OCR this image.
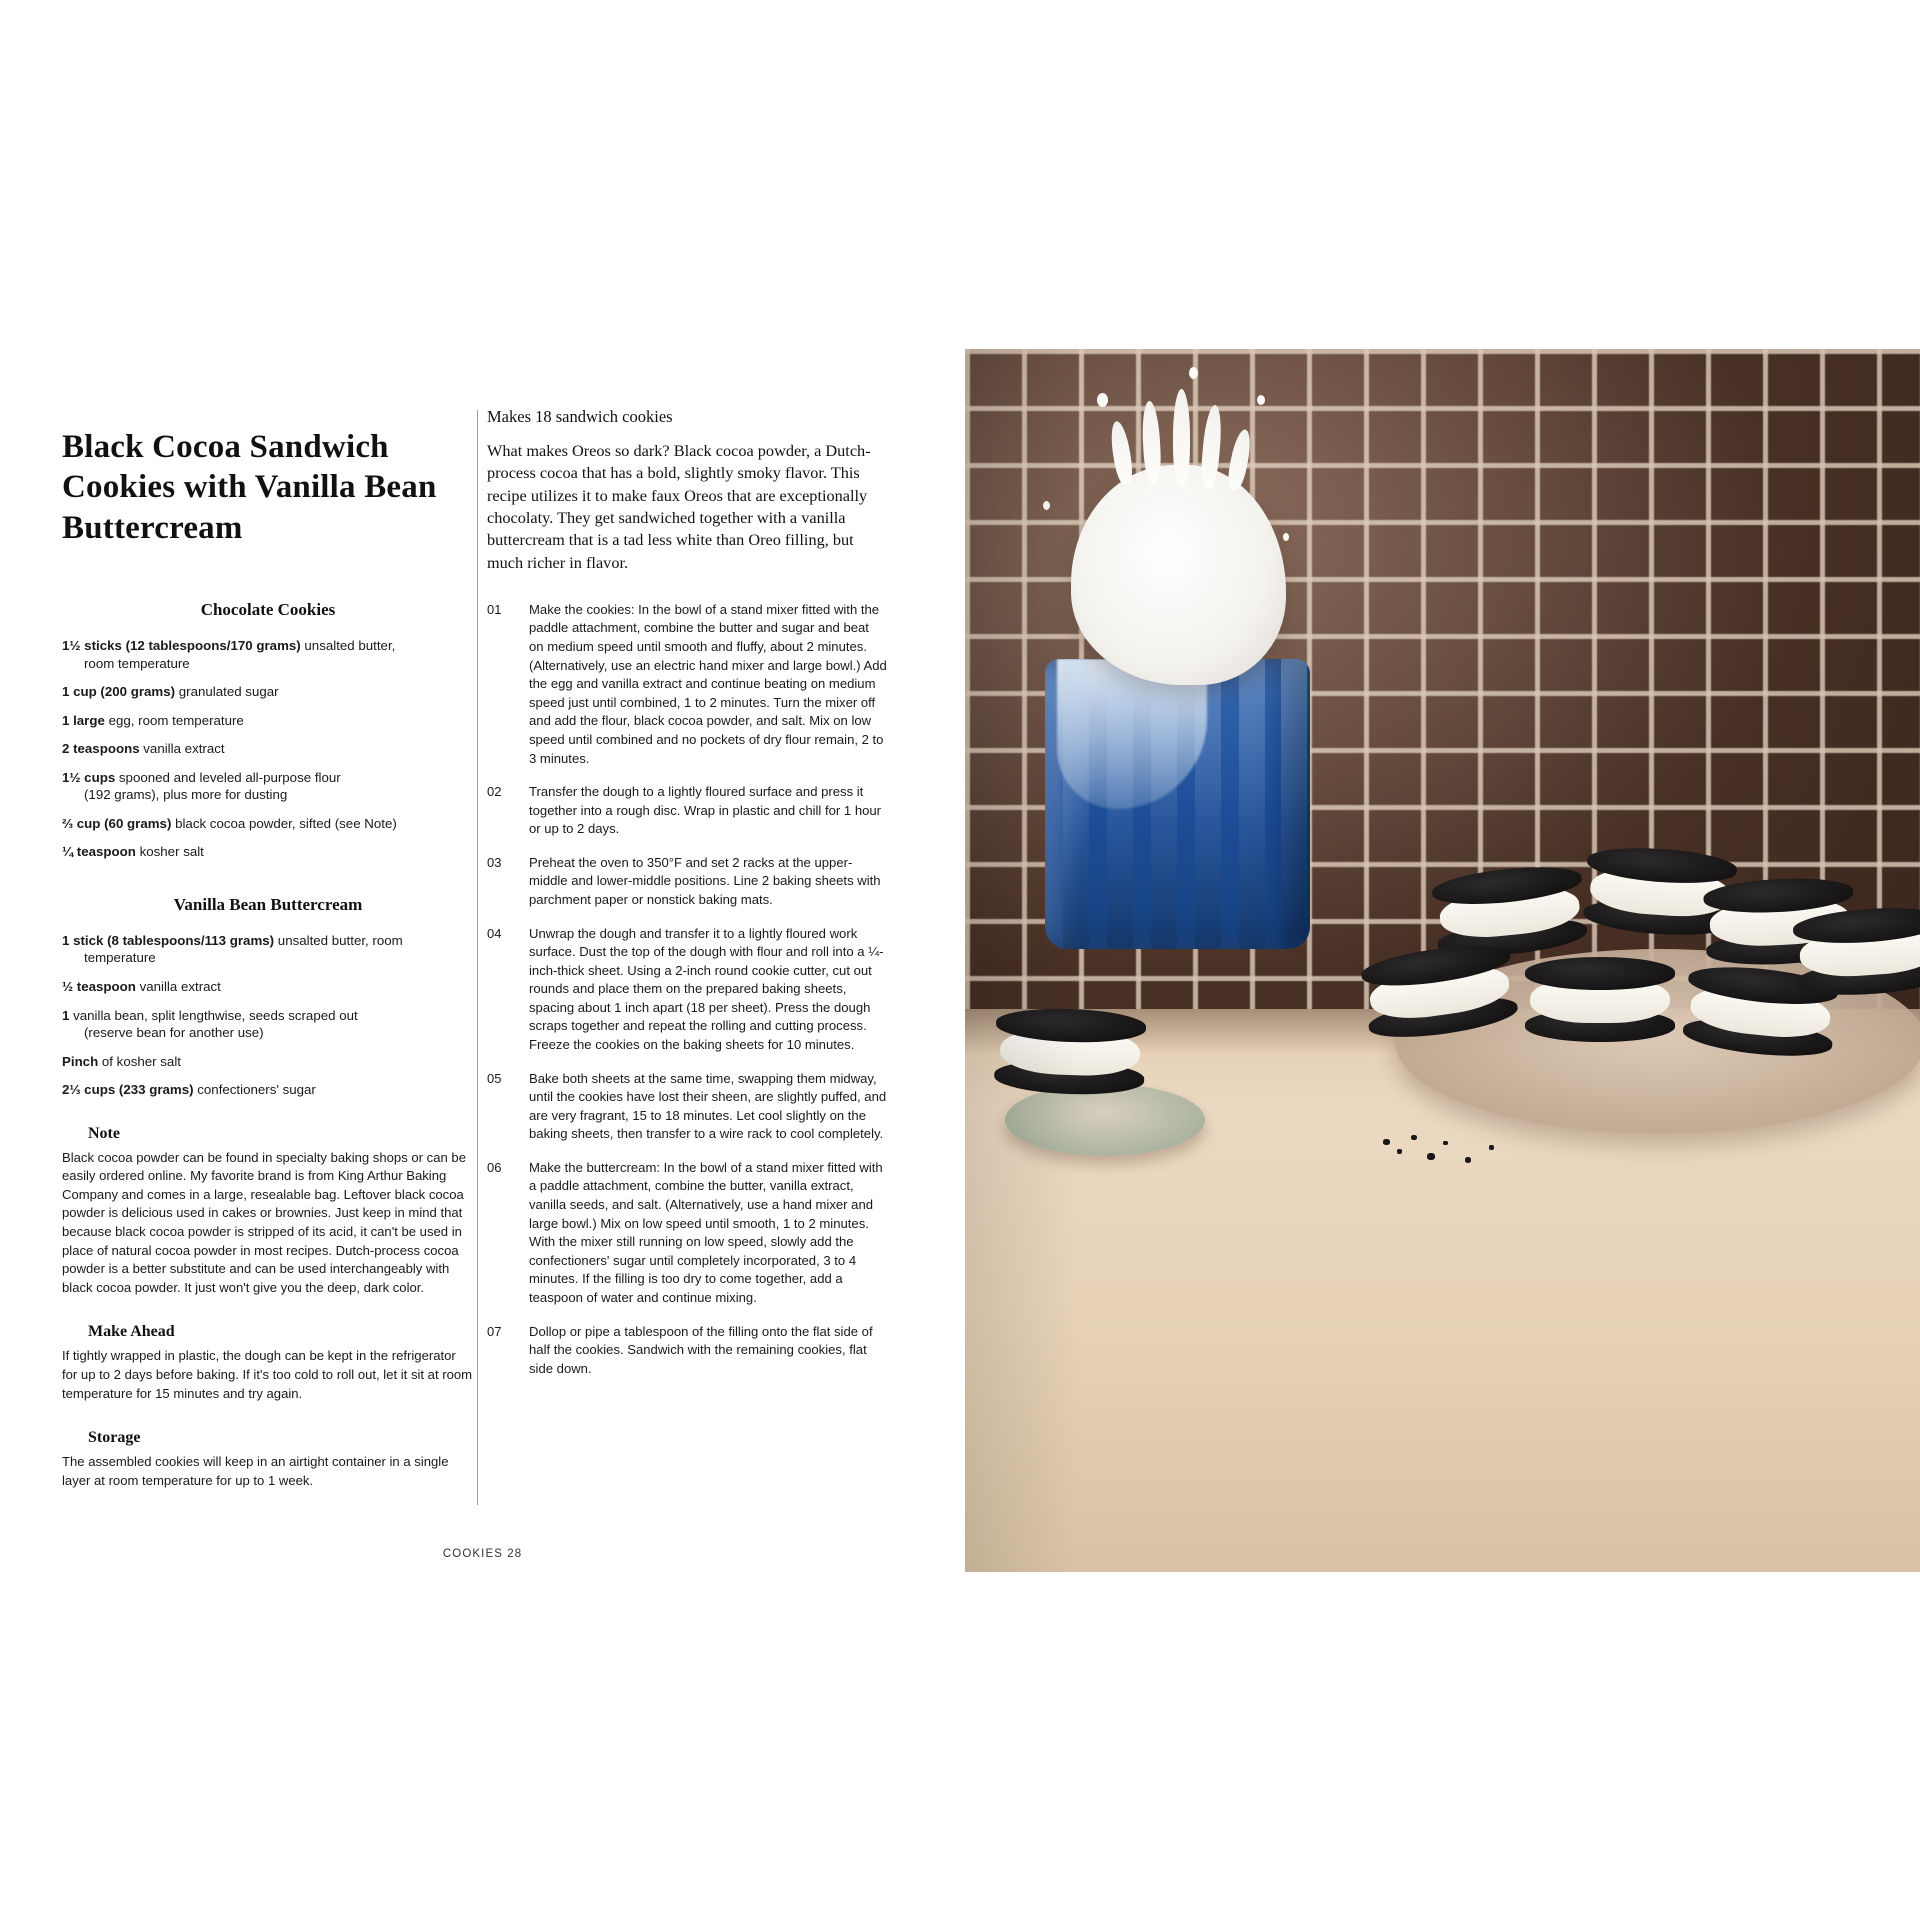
Black Cocoa Sandwich Cookies with Vanilla Bean Buttercream
Chocolate Cookies

1½ sticks (12 tablespoons/170 grams) unsalted butter,
room temperature

1 cup (200 grams) granulated sugar

1 large egg, room temperature

2 teaspoons vanilla extract

1½ cups spooned and leveled all-purpose flour
(192 grams), plus more for dusting

⅔ cup (60 grams) black cocoa powder, sifted (see Note)

¼ teaspoon kosher salt

Vanilla Bean Buttercream

1 stick (8 tablespoons/113 grams) unsalted butter, room
temperature

½ teaspoon vanilla extract

1 vanilla bean, split lengthwise, seeds scraped out
(reserve bean for another use)

Pinch of kosher salt

2⅓ cups (233 grams) confectioners' sugar

Note

Black cocoa powder can be found in specialty baking shops or can be easily ordered online. My favorite brand is from King Arthur Baking Company and comes in a large, resealable bag. Leftover black cocoa powder is delicious used in cakes or brownies. Just keep in mind that because black cocoa powder is stripped of its acid, it can't be used in place of natural cocoa powder in most recipes. Dutch-process cocoa powder is a better substitute and can be used interchangeably with black cocoa powder. It just won't give you the deep, dark color.

Make Ahead

If tightly wrapped in plastic, the dough can be kept in the refrigerator for up to 2 days before baking. If it's too cold to roll out, let it sit at room temperature for 15 minutes and try again.

Storage

The assembled cookies will keep in an airtight container in a single layer at room temperature for up to 1 week.

Makes 18 sandwich cookies

What makes Oreos so dark? Black cocoa powder, a Dutch-process cocoa that has a bold, slightly smoky flavor. This recipe utilizes it to make faux Oreos that are exceptionally chocolaty. They get sandwiched together with a vanilla buttercream that is a tad less white than Oreo filling, but much richer in flavor.

01	Make the cookies: In the bowl of a stand mixer fitted with the paddle attachment, combine the butter and sugar and beat on medium speed until smooth and fluffy, about 2 minutes. (Alternatively, use an electric hand mixer and large bowl.) Add the egg and vanilla extract and continue beating on medium speed just until combined, 1 to 2 minutes. Turn the mixer off and add the flour, black cocoa powder, and salt. Mix on low speed until combined and no pockets of dry flour remain, 2 to 3 minutes.
02	Transfer the dough to a lightly floured surface and press it together into a rough disc. Wrap in plastic and chill for 1 hour or up to 2 days.
03	Preheat the oven to 350°F and set 2 racks at the upper-middle and lower-middle positions. Line 2 baking sheets with parchment paper or nonstick baking mats.
04	Unwrap the dough and transfer it to a lightly floured work surface. Dust the top of the dough with flour and roll into a ¼-inch-thick sheet. Using a 2-inch round cookie cutter, cut out rounds and place them on the prepared baking sheets, spacing about 1 inch apart (18 per sheet). Press the dough scraps together and repeat the rolling and cutting process. Freeze the cookies on the baking sheets for 10 minutes.
05	Bake both sheets at the same time, swapping them midway, until the cookies have lost their sheen, are slightly puffed, and are very fragrant, 15 to 18 minutes. Let cool slightly on the baking sheets, then transfer to a wire rack to cool completely.
06	Make the buttercream: In the bowl of a stand mixer fitted with a paddle attachment, combine the butter, vanilla extract, vanilla seeds, and salt. (Alternatively, use a hand mixer and large bowl.) Mix on low speed until smooth, 1 to 2 minutes. With the mixer still running on low speed, slowly add the confectioners' sugar until completely incorporated, 3 to 4 minutes. If the filling is too dry to come together, add a teaspoon of water and continue mixing.
07	Dollop or pipe a tablespoon of the filling onto the flat side of half the cookies. Sandwich with the remaining cookies, flat side down.
COOKIES 28
